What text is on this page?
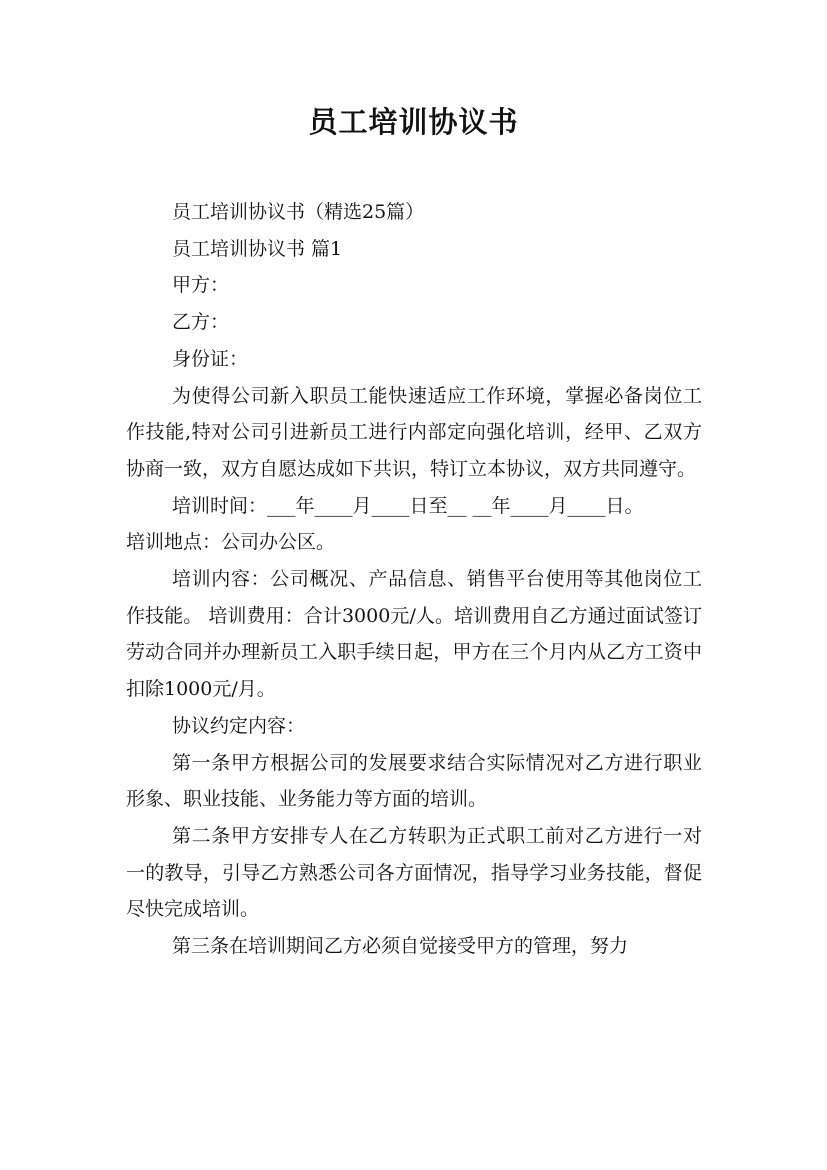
员工培训协议书

员工培训协议书（精选25篇）

员工培训协议书 篇1

甲方：

乙方：

身份证：

为使得公司新入职员工能快速适应工作环境，掌握必备岗位工作技能,特对公司引进新员工进行内部定向强化培训，经甲、乙双方协商一致，双方自愿达成如下共识，特订立本协议，双方共同遵守。

培训时间：___年____月____日至__ __年____月____日。

培训地点：公司办公区。

培训内容：公司概况、产品信息、销售平台使用等其他岗位工作技能。 培训费用：合计3000元/人。培训费用自乙方通过面试签订劳动合同并办理新员工入职手续日起，甲方在三个月内从乙方工资中扣除1000元/月。

协议约定内容：

第一条甲方根据公司的发展要求结合实际情况对乙方进行职业形象、职业技能、业务能力等方面的培训。

第二条甲方安排专人在乙方转职为正式职工前对乙方进行一对一的教导，引导乙方熟悉公司各方面情况，指导学习业务技能，督促尽快完成培训。

第三条在培训期间乙方必须自觉接受甲方的管理，努力
